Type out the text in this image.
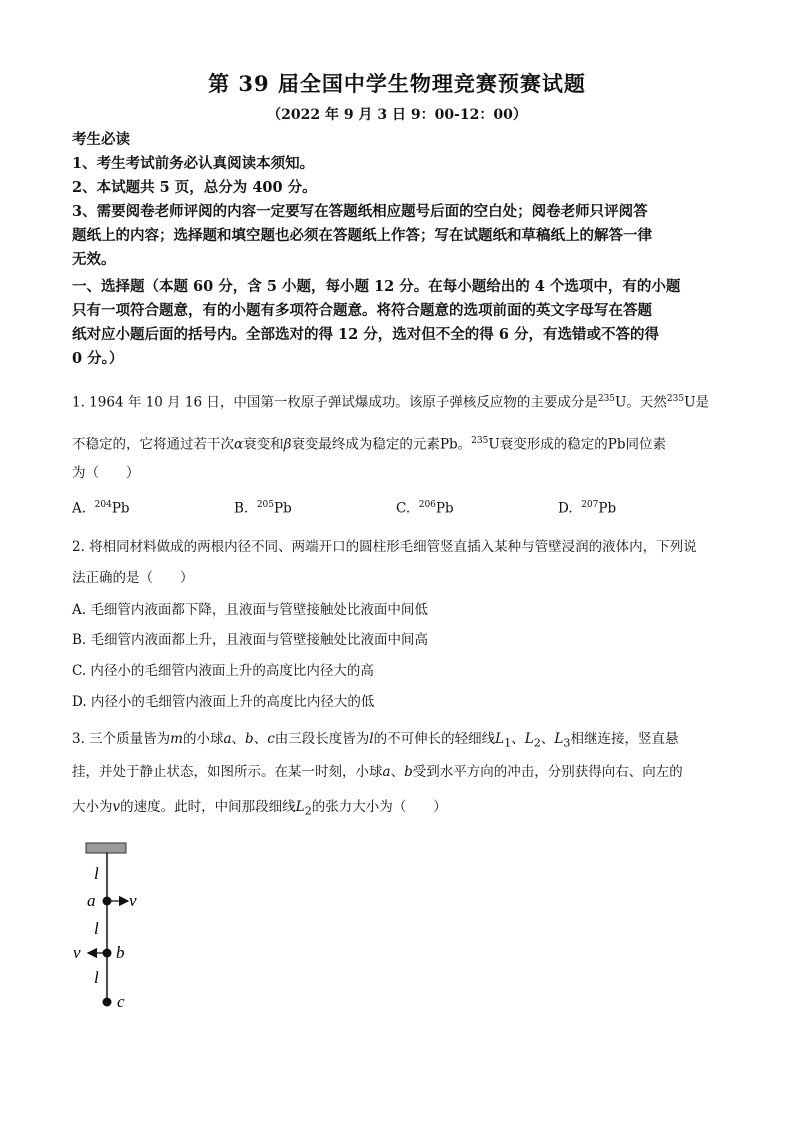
第 39 届全国中学生物理竞赛预赛试题
（2022 年 9 月 3 日 9：00-12：00）
考生必读
1、考生考试前务必认真阅读本须知。
2、本试题共 5 页，总分为 400 分。
3、需要阅卷老师评阅的内容一定要写在答题纸相应题号后面的空白处；阅卷老师只评阅答
题纸上的内容；选择题和填空题也必须在答题纸上作答；写在试题纸和草稿纸上的解答一律
无效。
一、选择题（本题 60 分，含 5 小题，每小题 12 分。在每小题给出的 4 个选项中，有的小题
只有一项符合题意，有的小题有多项符合题意。将符合题意的选项前面的英文字母写在答题
纸对应小题后面的括号内。全部选对的得 12 分，选对但不全的得 6 分，有选错或不答的得
0 分。）
1. 1964 年 10 月 16 日，中国第一枚原子弹试爆成功。该原子弹核反应物的主要成分是$^{235}$U。天然$^{235}$U是
不稳定的，它将通过若干次α衰变和β衰变最终成为稳定的元素Pb。$^{235}$U衰变形成的稳定的Pb同位素
为（　　）
A. $^{204}$Pb	B. $^{205}$Pb	C. $^{206}$Pb	D. $^{207}$Pb
2. 将相同材料做成的两根内径不同、两端开口的圆柱形毛细管竖直插入某种与管壁浸润的液体内，下列说
法正确的是（　　）
A. 毛细管内液面都下降，且液面与管壁接触处比液面中间低
B. 毛细管内液面都上升，且液面与管壁接触处比液面中间高
C. 内径小的毛细管内液面上升的高度比内径大的高
D. 内径小的毛细管内液面上升的高度比内径大的低
3. 三个质量皆为m的小球a、b、c由三段长度皆为l的不可伸长的轻细线$L_1$、$L_2$、$L_3$相继连接，竖直悬
挂，并处于静止状态，如图所示。在某一时刻，小球a、b受到水平方向的冲击，分别获得向右、向左的
大小为v的速度。此时，中间那段细线$L_2$的张力大小为（　　）
l
a v
l
v b
l
c
